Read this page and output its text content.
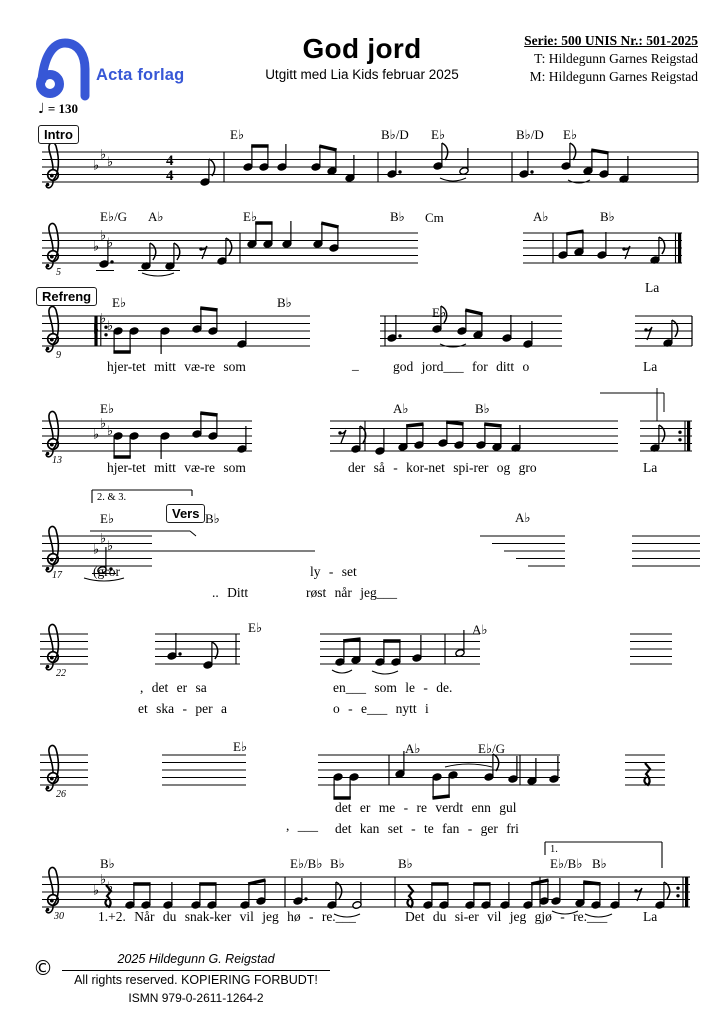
♭
♭ ♭	4
4
♭
♭ ♭
♭
♭ ♭
♭
♭ ♭
♭
♭ ♭
♭
♭ ♭
Acta forlag
God jord
Utgitt med Lia Kids februar 2025
Serie: 500 UNIS Nr.: 501-2025
T: Hildegunn Garnes Reigstad
M: Hildegunn Garnes Reigstad
♩ = 130
©	2025 Hildegunn G. Reigstad
All rights reserved. KOPIERING FORBUDT!
ISMN 979-0-2611-1264-2
E♭	B♭/D E♭	B♭/D E♭
Intro
E♭/G A♭	E♭	B♭ Cm	A♭	B♭
La
5
E♭	B♭
E♭
hjer-tet mitt væ-re som	_	god jord___ for ditt o	La
9
Refreng
E♭	A♭	B♭
hjer-tet mitt væ-re som	der så - kor-net spi-rer og gro	La
13
2. & 3.
E♭	B♭	A♭
(gror	ly - set
.. Ditt	røst når jeg___
17
Vers
E♭	A♭
, det er sa	en___ som le - de.
et ska - per a	o - e___ nytt i
22
E♭	A♭	E♭/G
det er me - re verdt enn gul
, ___ det kan set - te fan - ger fri
26
1.
B♭	E♭/B♭ B♭	B♭	E♭/B♭ B♭
1.+2. Når du snak-ker vil jeg hø - re.___	Det du si-er vil jeg gjø - re.___	La
30
